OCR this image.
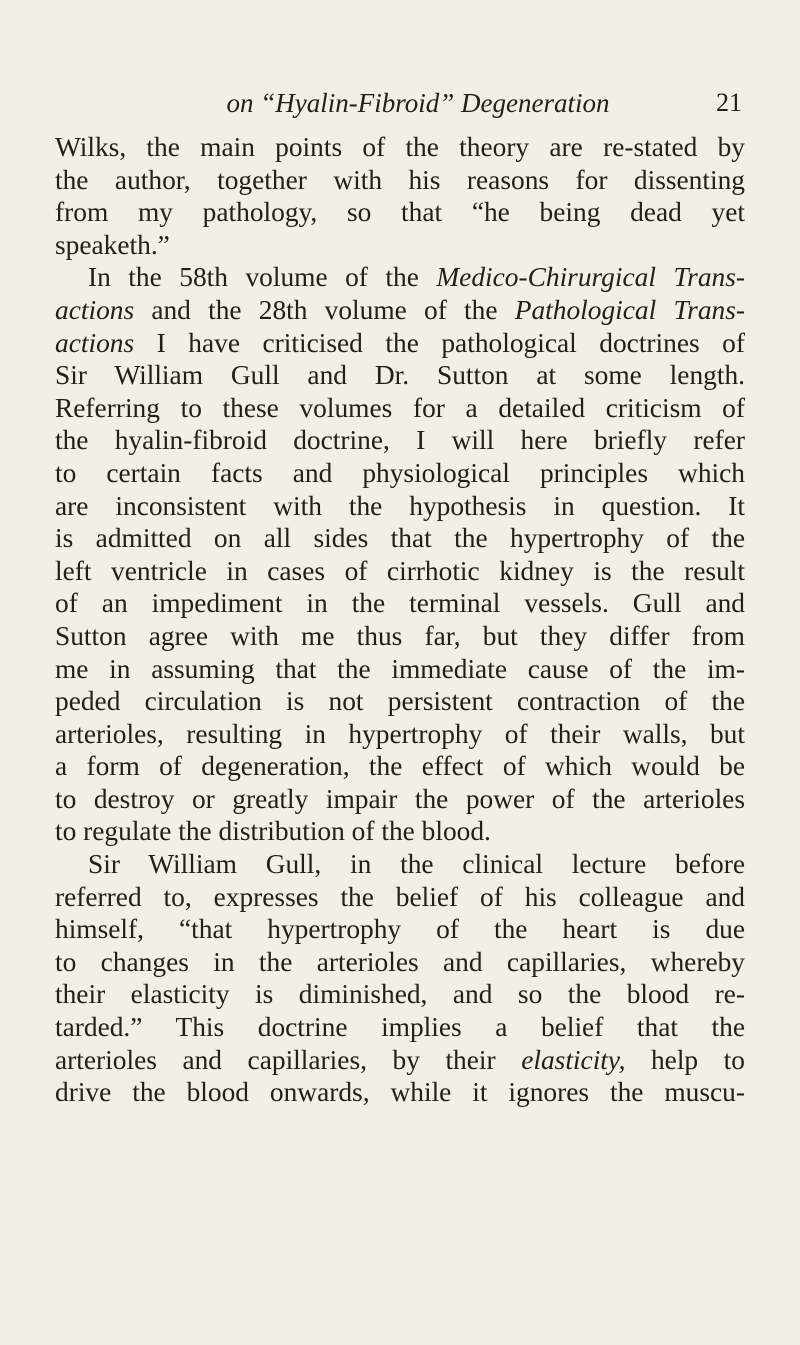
on “Hyalin-Fibroid” Degeneration	21
Wilks, the main points of the theory are re-stated by
the author, together with his reasons for dissenting
from my pathology, so that “he being dead yet
speaketh.”
In the 58th volume of the Medico-Chirurgical Trans-
actions and the 28th volume of the Pathological Trans-
actions I have criticised the pathological doctrines of
Sir William Gull and Dr. Sutton at some length.
Referring to these volumes for a detailed criticism of
the hyalin-fibroid doctrine, I will here briefly refer
to certain facts and physiological principles which
are inconsistent with the hypothesis in question. It
is admitted on all sides that the hypertrophy of the
left ventricle in cases of cirrhotic kidney is the result
of an impediment in the terminal vessels. Gull and
Sutton agree with me thus far, but they differ from
me in assuming that the immediate cause of the im-
peded circulation is not persistent contraction of the
arterioles, resulting in hypertrophy of their walls, but
a form of degeneration, the effect of which would be
to destroy or greatly impair the power of the arterioles
to regulate the distribution of the blood.
Sir William Gull, in the clinical lecture before
referred to, expresses the belief of his colleague and
himself, “that hypertrophy of the heart is due
to changes in the arterioles and capillaries, whereby
their elasticity is diminished, and so the blood re-
tarded.” This doctrine implies a belief that the
arterioles and capillaries, by their elasticity, help to
drive the blood onwards, while it ignores the muscu-
